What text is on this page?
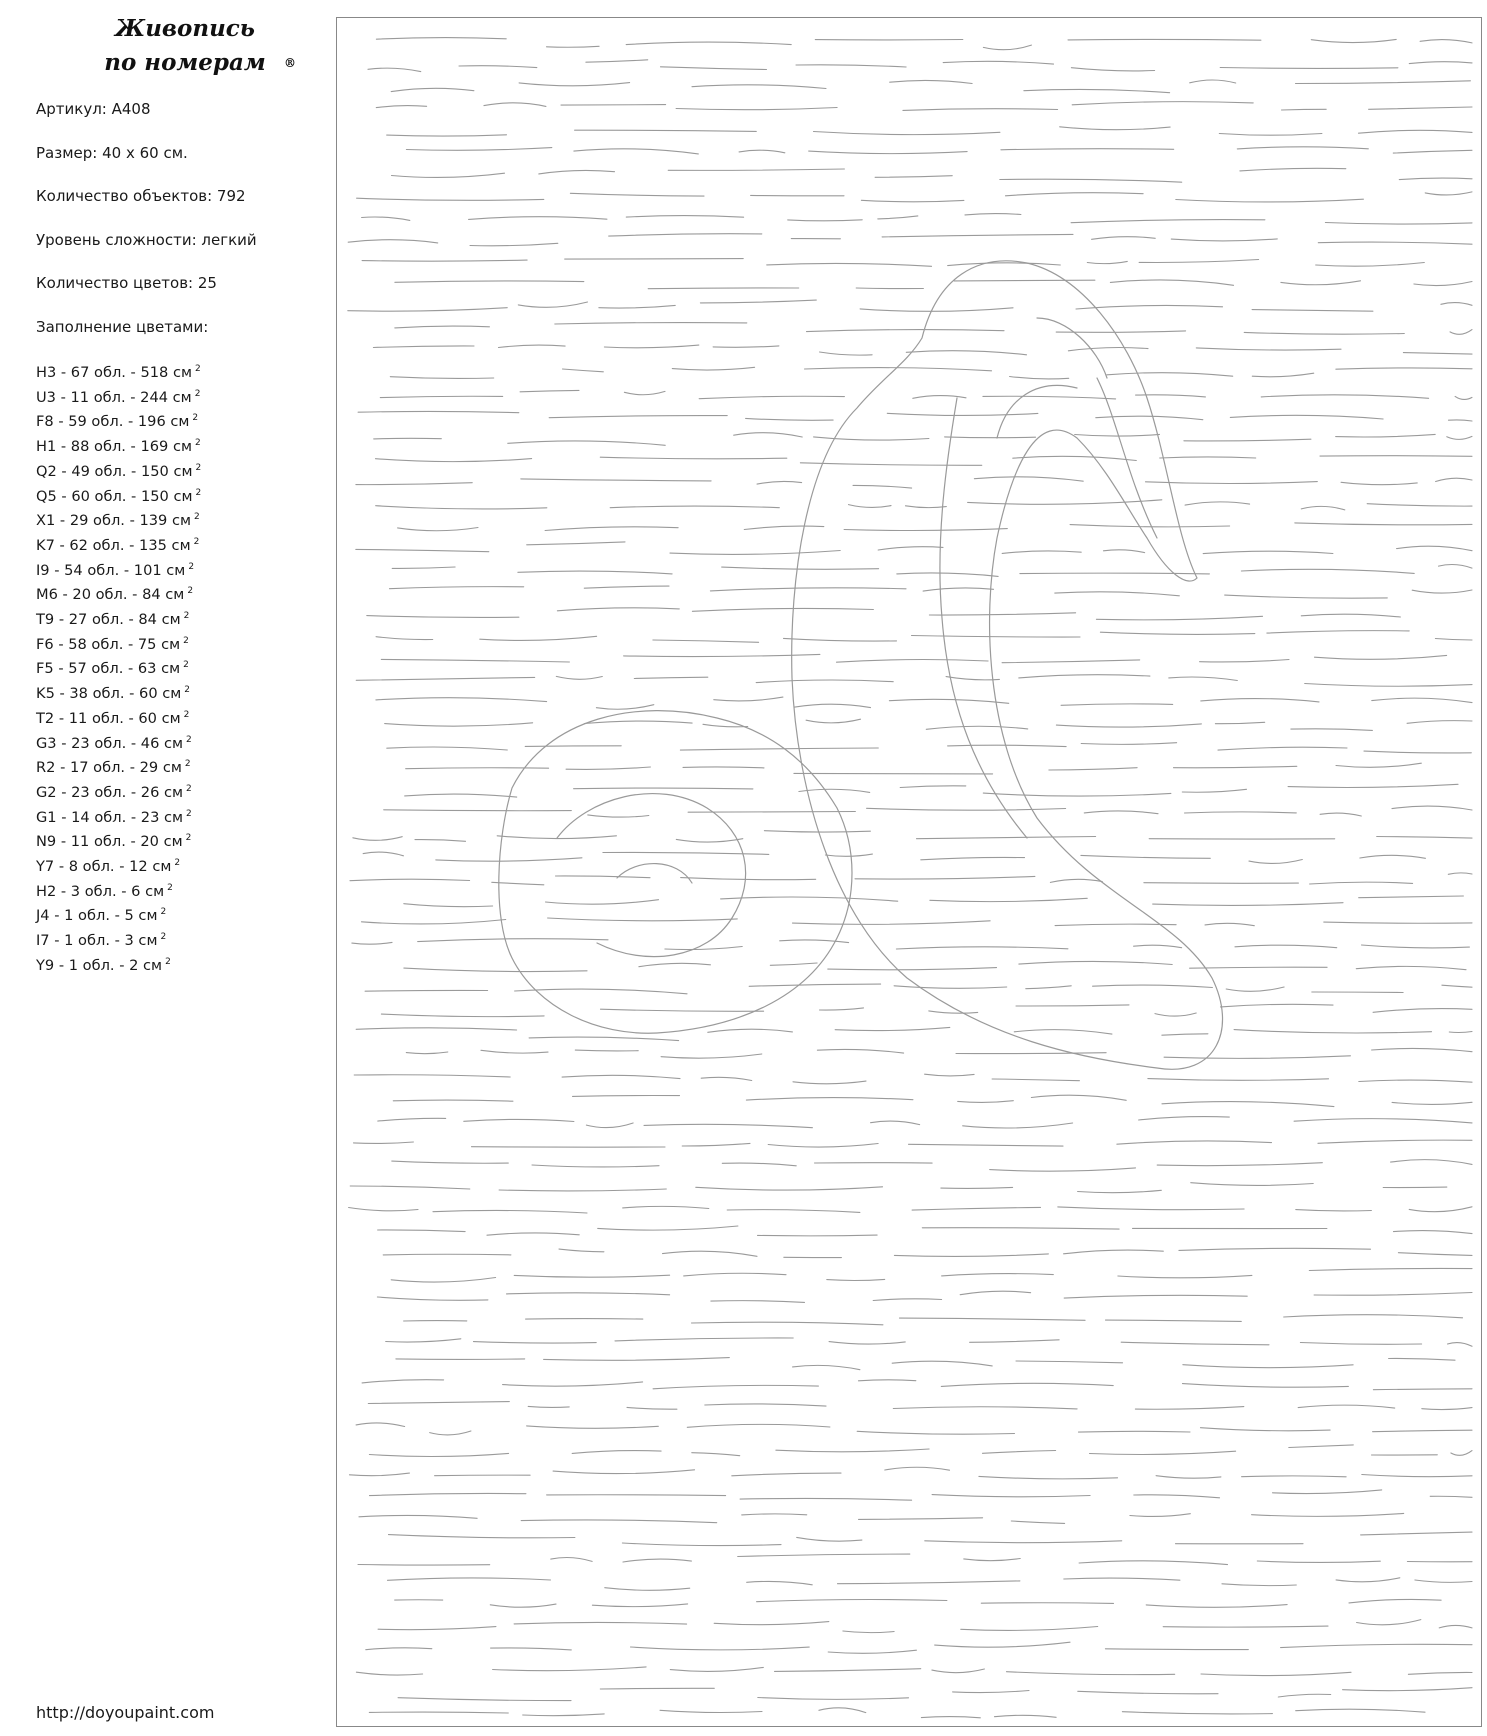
Живопись
по номерам	®
Артикул: A408
Размер: 40 х 60 см.
Количество объектов: 792
Уровень сложности: легкий
Количество цветов: 25
Заполнение цветами:
H3 - 67 обл. - 518 см $^2$
U3 - 11 обл. - 244 см $^2$
F8 - 59 обл. - 196 см $^2$
H1 - 88 обл. - 169 см $^2$
Q2 - 49 обл. - 150 см $^2$
Q5 - 60 обл. - 150 см $^2$
X1 - 29 обл. - 139 см $^2$
K7 - 62 обл. - 135 см $^2$
I9 - 54 обл. - 101 см $^2$
M6 - 20 обл. - 84 см $^2$
T9 - 27 обл. - 84 см $^2$
F6 - 58 обл. - 75 см $^2$
F5 - 57 обл. - 63 см $^2$
K5 - 38 обл. - 60 см $^2$
T2 - 11 обл. - 60 см $^2$
G3 - 23 обл. - 46 см $^2$
R2 - 17 обл. - 29 см $^2$
G2 - 23 обл. - 26 см $^2$
G1 - 14 обл. - 23 см $^2$
N9 - 11 обл. - 20 см $^2$
Y7 - 8 обл. - 12 см $^2$
H2 - 3 обл. - 6 см $^2$
J4 - 1 обл. - 5 см $^2$
I7 - 1 обл. - 3 см $^2$
Y9 - 1 обл. - 2 см $^2$
http://doyoupaint.com
